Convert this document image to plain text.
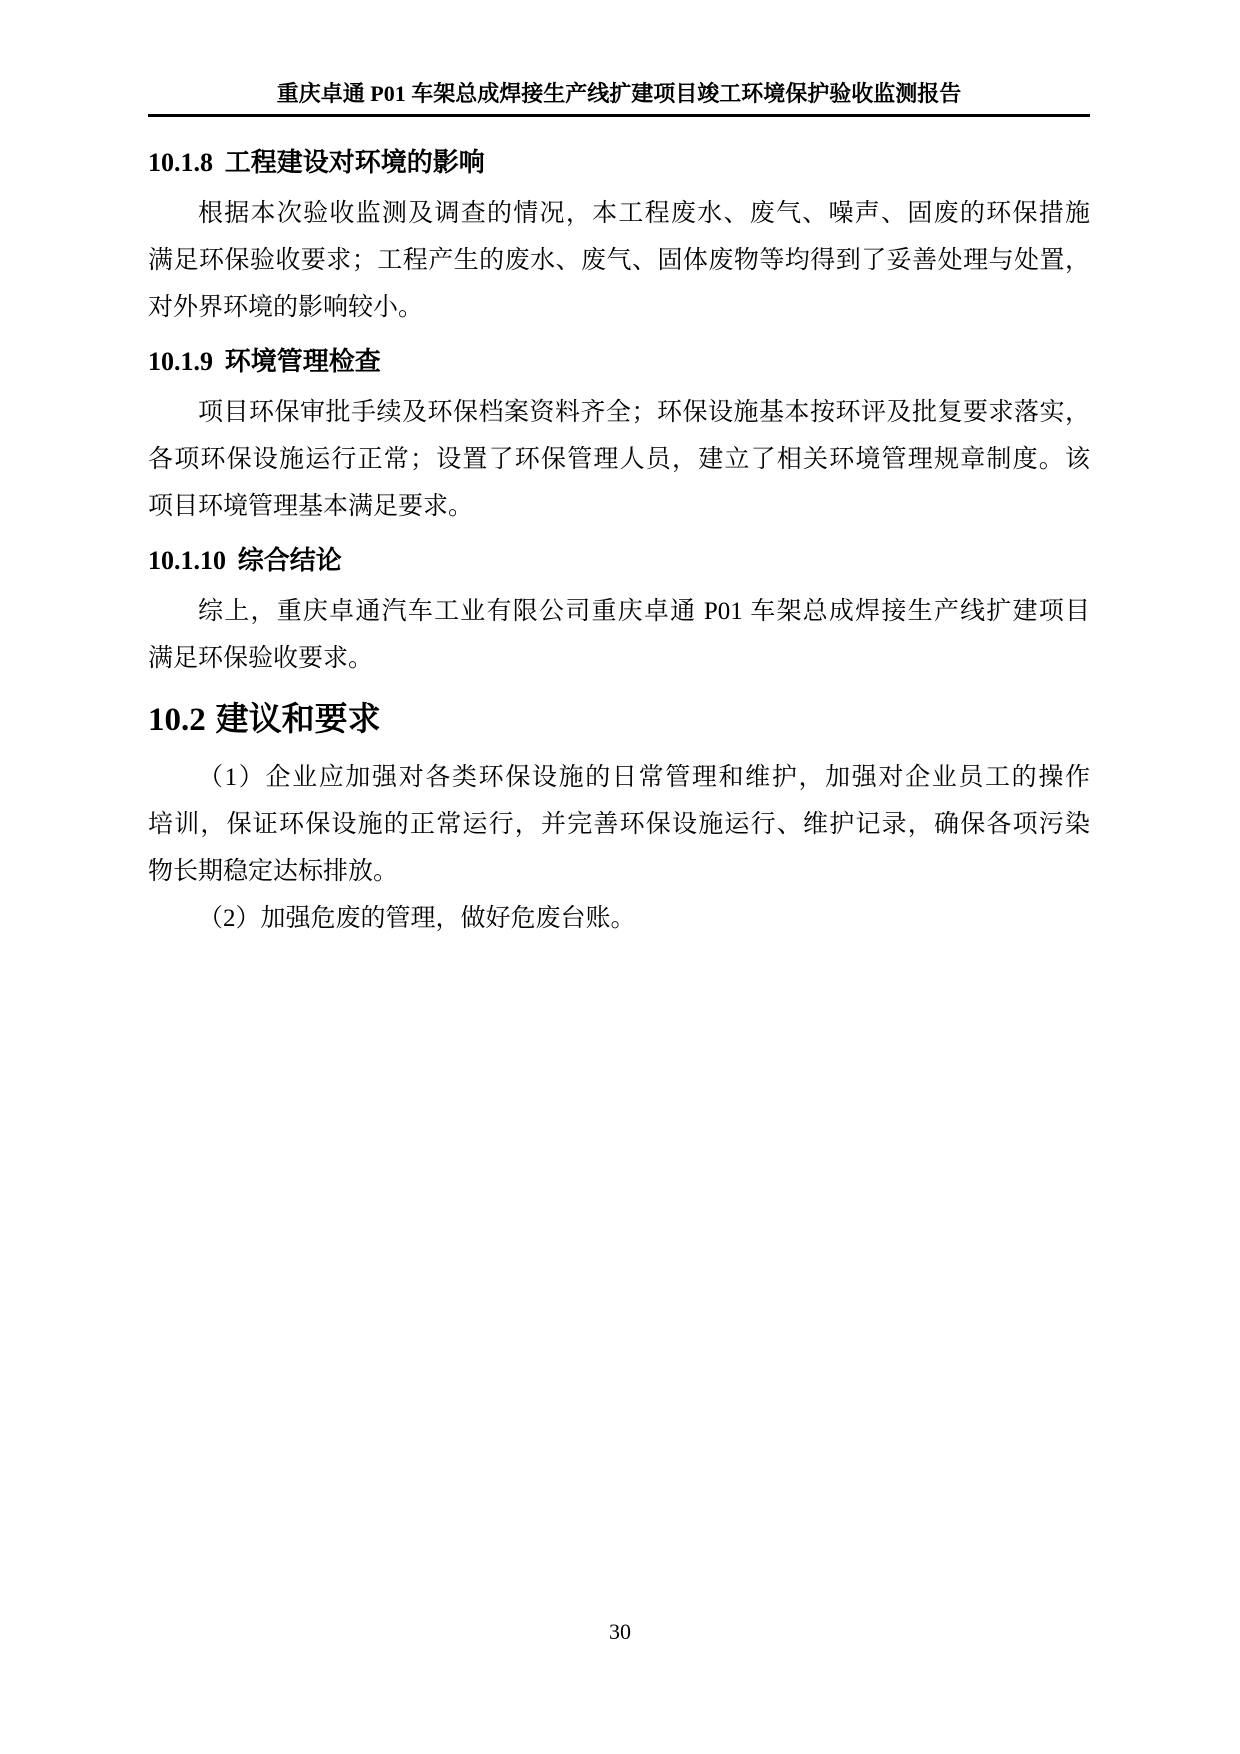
重庆卓通 P01 车架总成焊接生产线扩建项目竣工环境保护验收监测报告
10.1.8 工程建设对环境的影响
根据本次验收监测及调查的情况，本工程废水、废气、噪声、固废的环保措施
满足环保验收要求；工程产生的废水、废气、固体废物等均得到了妥善处理与处置，
对外界环境的影响较小。
10.1.9 环境管理检查
项目环保审批手续及环保档案资料齐全；环保设施基本按环评及批复要求落实，
各项环保设施运行正常；设置了环保管理人员，建立了相关环境管理规章制度。该
项目环境管理基本满足要求。
10.1.10 综合结论
综上，重庆卓通汽车工业有限公司重庆卓通 P01 车架总成焊接生产线扩建项目
满足环保验收要求。
10.2 建议和要求
（1）企业应加强对各类环保设施的日常管理和维护，加强对企业员工的操作
培训，保证环保设施的正常运行，并完善环保设施运行、维护记录，确保各项污染
物长期稳定达标排放。
（2）加强危废的管理，做好危废台账。
30
